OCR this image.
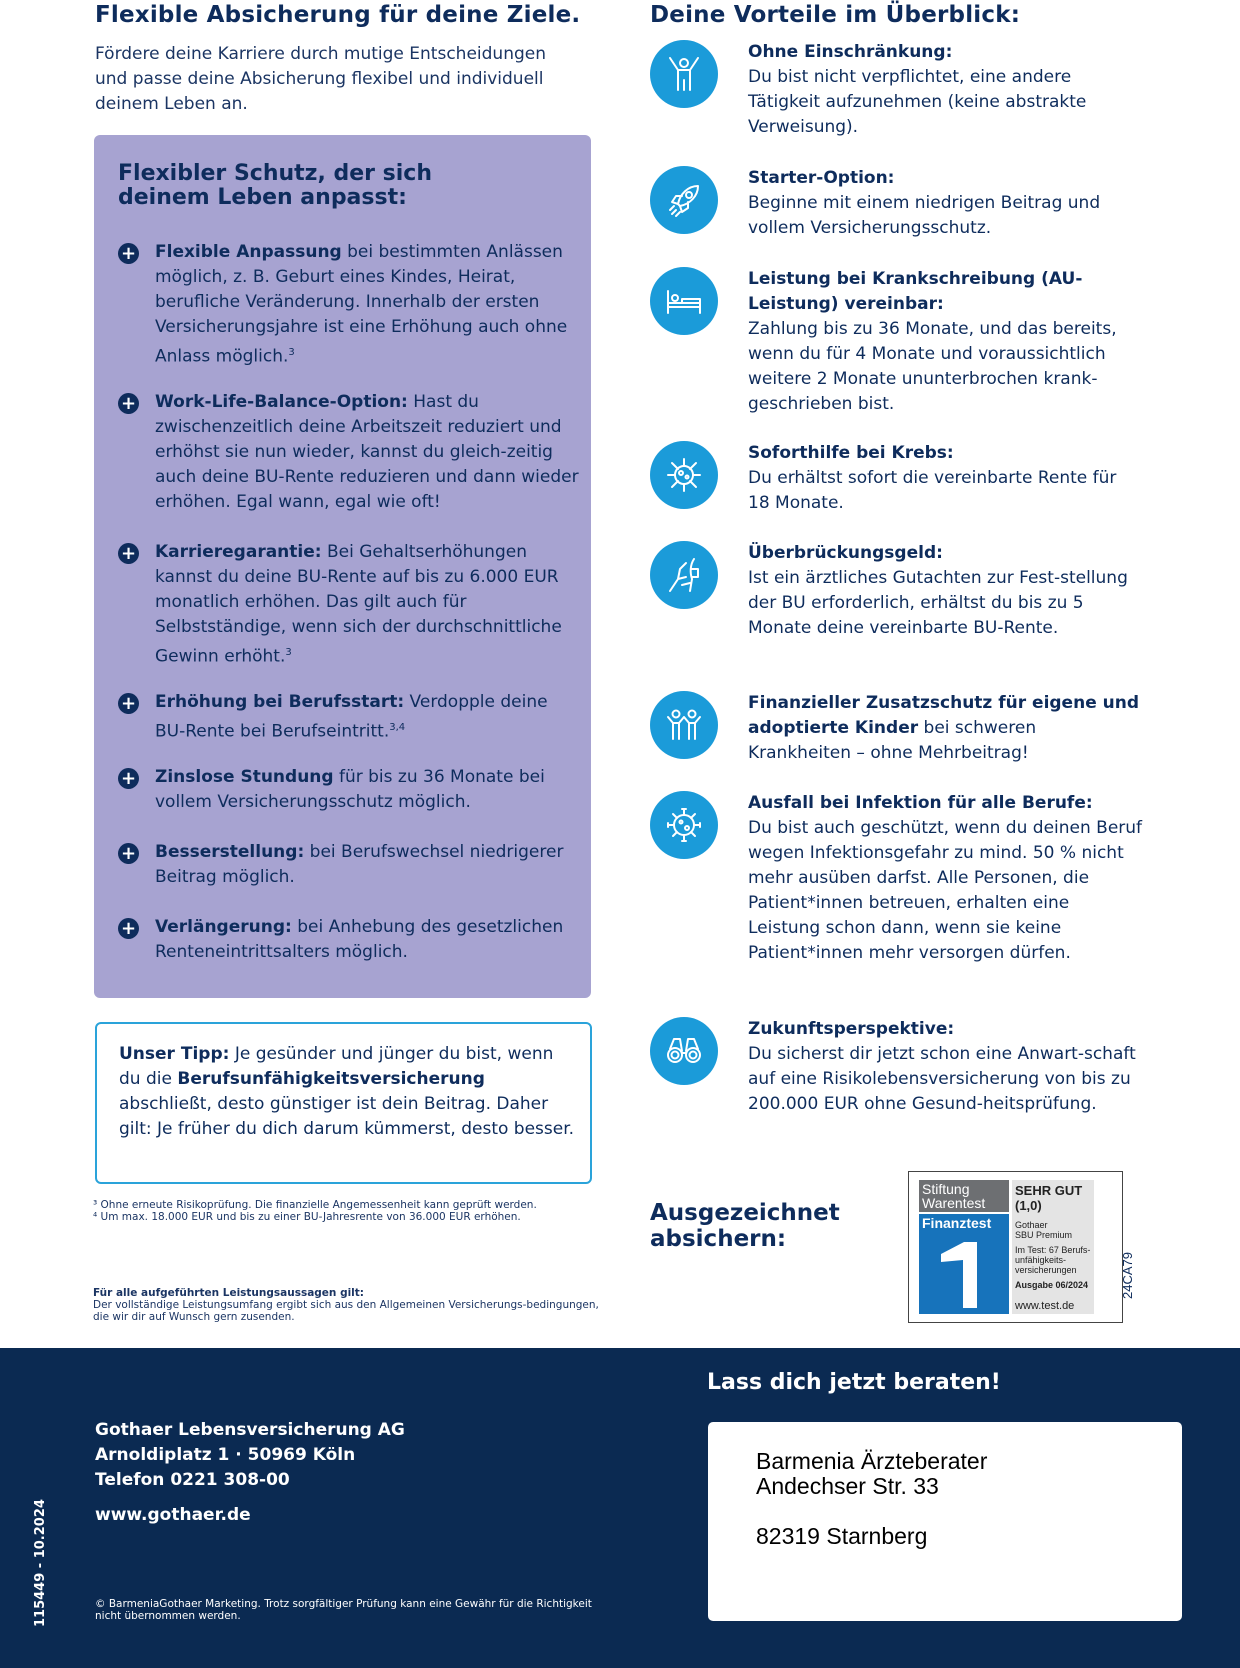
Flexible Absicherung für deine Ziele.
Fördere deine Karriere durch mutige Entscheidungen und passe deine Absicherung flexibel und individuell deinem Leben an.
Flexibler Schutz, der sich
deinem Leben anpasst:
+ Flexible Anpassung bei bestimmten Anlässen möglich, z. B. Geburt eines Kindes, Heirat, berufliche Veränderung. Innerhalb der ersten Versicherungsjahre ist eine Erhöhung auch ohne Anlass möglich.$^3$
+ Work-Life-Balance-Option: Hast du zwischenzeitlich deine Arbeitszeit reduziert und erhöhst sie nun wieder, kannst du gleich-zeitig auch deine BU-Rente reduzieren und dann wieder erhöhen. Egal wann, egal wie oft!
+ Karrieregarantie: Bei Gehaltserhöhungen kannst du deine BU-Rente auf bis zu 6.000 EUR monatlich erhöhen. Das gilt auch für Selbstständige, wenn sich der durchschnittliche Gewinn erhöht.$^3$
+ Erhöhung bei Berufsstart: Verdopple deine BU-Rente bei Berufseintritt.$^{3,4}$
+ Zinslose Stundung für bis zu 36 Monate bei vollem Versicherungsschutz möglich.
+ Besserstellung: bei Berufswechsel niedrigerer Beitrag möglich.
+ Verlängerung: bei Anhebung des gesetzlichen Renteneintrittsalters möglich.
Unser Tipp: Je gesünder und jünger du bist, wenn du die Berufsunfähigkeitsversicherung abschließt, desto günstiger ist dein Beitrag. Daher gilt: Je früher du dich darum kümmerst, desto besser.
³ Ohne erneute Risikoprüfung. Die finanzielle Angemessenheit kann geprüft werden.
⁴ Um max. 18.000 EUR und bis zu einer BU-Jahresrente von 36.000 EUR erhöhen.
Für alle aufgeführten Leistungsaussagen gilt:
Der vollständige Leistungsumfang ergibt sich aus den Allgemeinen Versicherungs-bedingungen, die wir dir auf Wunsch gern zusenden.
Deine Vorteile im Überblick:
Ohne Einschränkung:
Du bist nicht verpflichtet, eine andere Tätigkeit aufzunehmen (keine abstrakte Verweisung).
Starter-Option:
Beginne mit einem niedrigen Beitrag und vollem Versicherungsschutz.
Leistung bei Krankschreibung (AU-Leistung) vereinbar:
Zahlung bis zu 36 Monate, und das bereits, wenn du für 4 Monate und voraussichtlich weitere 2 Monate ununterbrochen krank-geschrieben bist.
Soforthilfe bei Krebs:
Du erhältst sofort die vereinbarte Rente für 18 Monate.
Überbrückungsgeld:
Ist ein ärztliches Gutachten zur Fest-stellung der BU erforderlich, erhältst du bis zu 5 Monate deine vereinbarte BU-Rente.
Finanzieller Zusatzschutz für eigene und adoptierte Kinder bei schweren Krankheiten – ohne Mehrbeitrag!
Ausfall bei Infektion für alle Berufe:
Du bist auch geschützt, wenn du deinen Beruf wegen Infektionsgefahr zu mind. 50 % nicht mehr ausüben darfst. Alle Personen, die Patient*innen betreuen, erhalten eine Leistung schon dann, wenn sie keine Patient*innen mehr versorgen dürfen.
Zukunftsperspektive:
Du sicherst dir jetzt schon eine Anwart-schaft auf eine Risikolebensversicherung von bis zu 200.000 EUR ohne Gesund-heitsprüfung.
Ausgezeichnet
absichern:
Stiftung
Warentest
Finanztest
SEHR GUT
(1,0)
Gothaer
SBU Premium
Im Test: 67 Berufs-
unfähigkeits-
versicherungen
Ausgabe 06/2024
www.test.de
24CA79
Gothaer Lebensversicherung AG
Arnoldiplatz 1 · 50969 Köln
Telefon 0221 308-00
www.gothaer.de
© BarmeniaGothaer Marketing. Trotz sorgfältiger Prüfung kann eine Gewähr für die Richtigkeit nicht übernommen werden.
115449 - 10.2024
Lass dich jetzt beraten!
Barmenia Ärzteberater
Andechser Str. 33
82319 Starnberg
